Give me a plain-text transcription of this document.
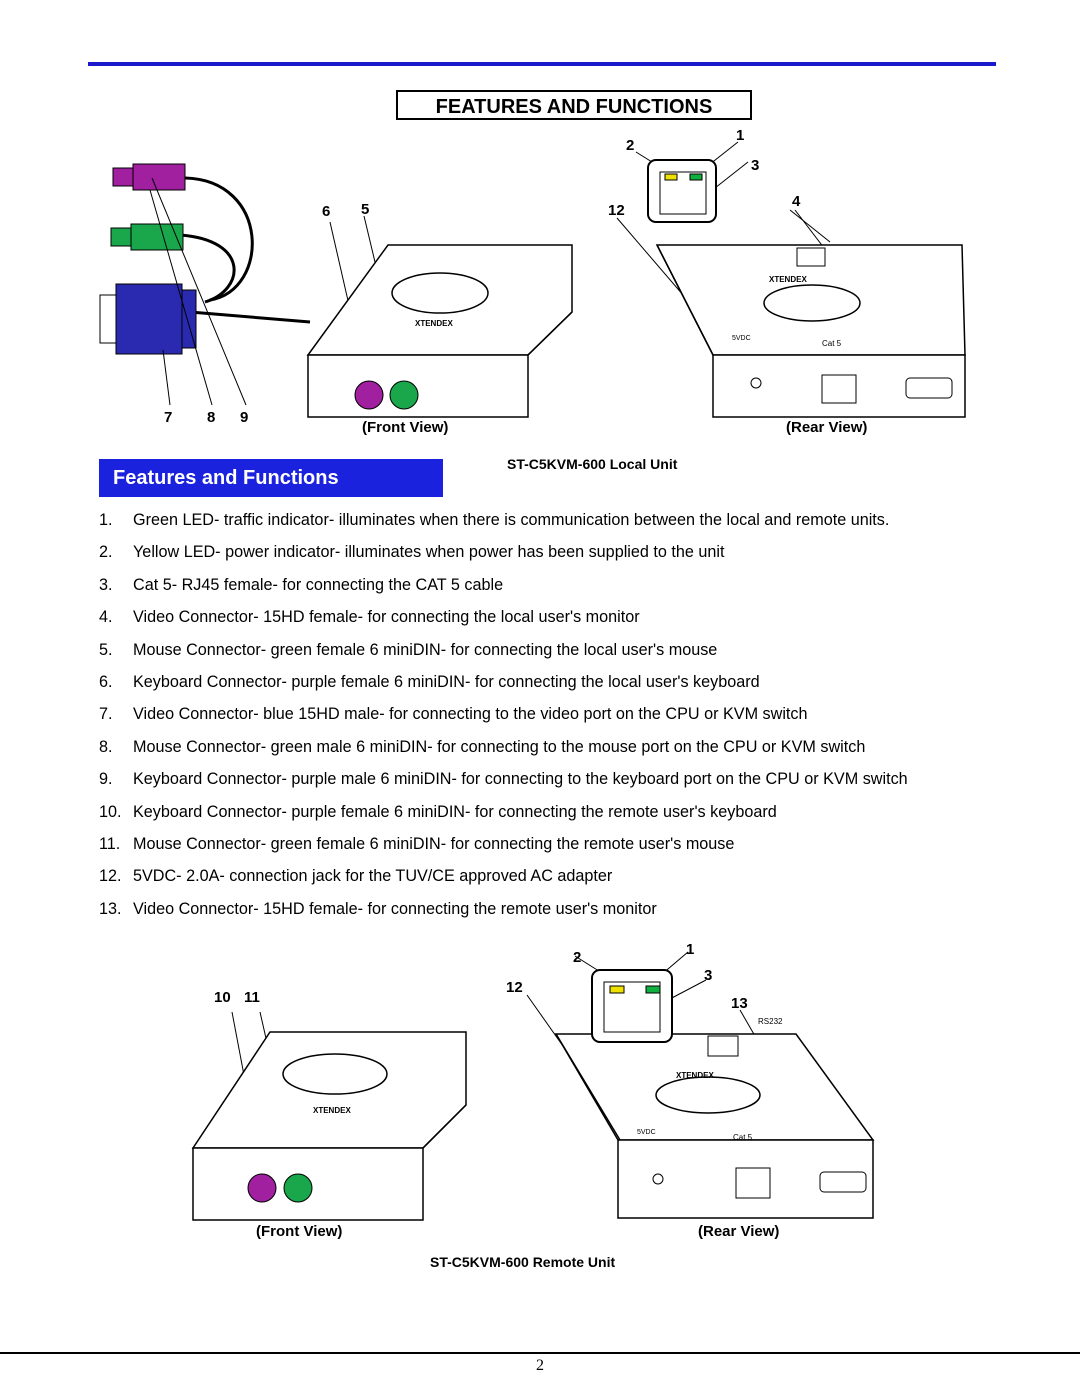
FEATURES AND FUNCTIONS
XTENDEX
XTENDEX
Cat 5
5VDC
1
2
3
4
5
6
7 8 9
12
(Front View)	(Rear View)
ST-C5KVM-600 Local Unit
Features and Functions
1. Green LED- traffic indicator- illuminates when there is communication between the local and remote units.
2. Yellow LED- power indicator- illuminates when power has been supplied to the unit
3. Cat 5- RJ45 female- for connecting the CAT 5 cable
4. Video Connector- 15HD female- for connecting the local user's monitor
5. Mouse Connector- green female 6 miniDIN- for connecting the local user's mouse
6. Keyboard Connector- purple female 6 miniDIN- for connecting the local user's keyboard
7. Video Connector- blue 15HD male- for connecting to the video port on the CPU or KVM switch
8. Mouse Connector- green male 6 miniDIN- for connecting to the mouse port on the CPU or KVM switch
9. Keyboard Connector- purple male 6 miniDIN- for connecting to the keyboard port on the CPU or KVM switch
10. Keyboard Connector- purple female 6 miniDIN- for connecting the remote user's keyboard
11. Mouse Connector- green female 6 miniDIN- for connecting the remote user's mouse
12. 5VDC- 2.0A- connection jack for the TUV/CE approved AC adapter
13. Video Connector- 15HD female- for connecting the remote user's monitor
XTENDEX
XTENDEX
Cat 5
5VDC
RS232
1
2
3
10 11
12
13
(Front View)	(Rear View)
ST-C5KVM-600 Remote Unit
2
